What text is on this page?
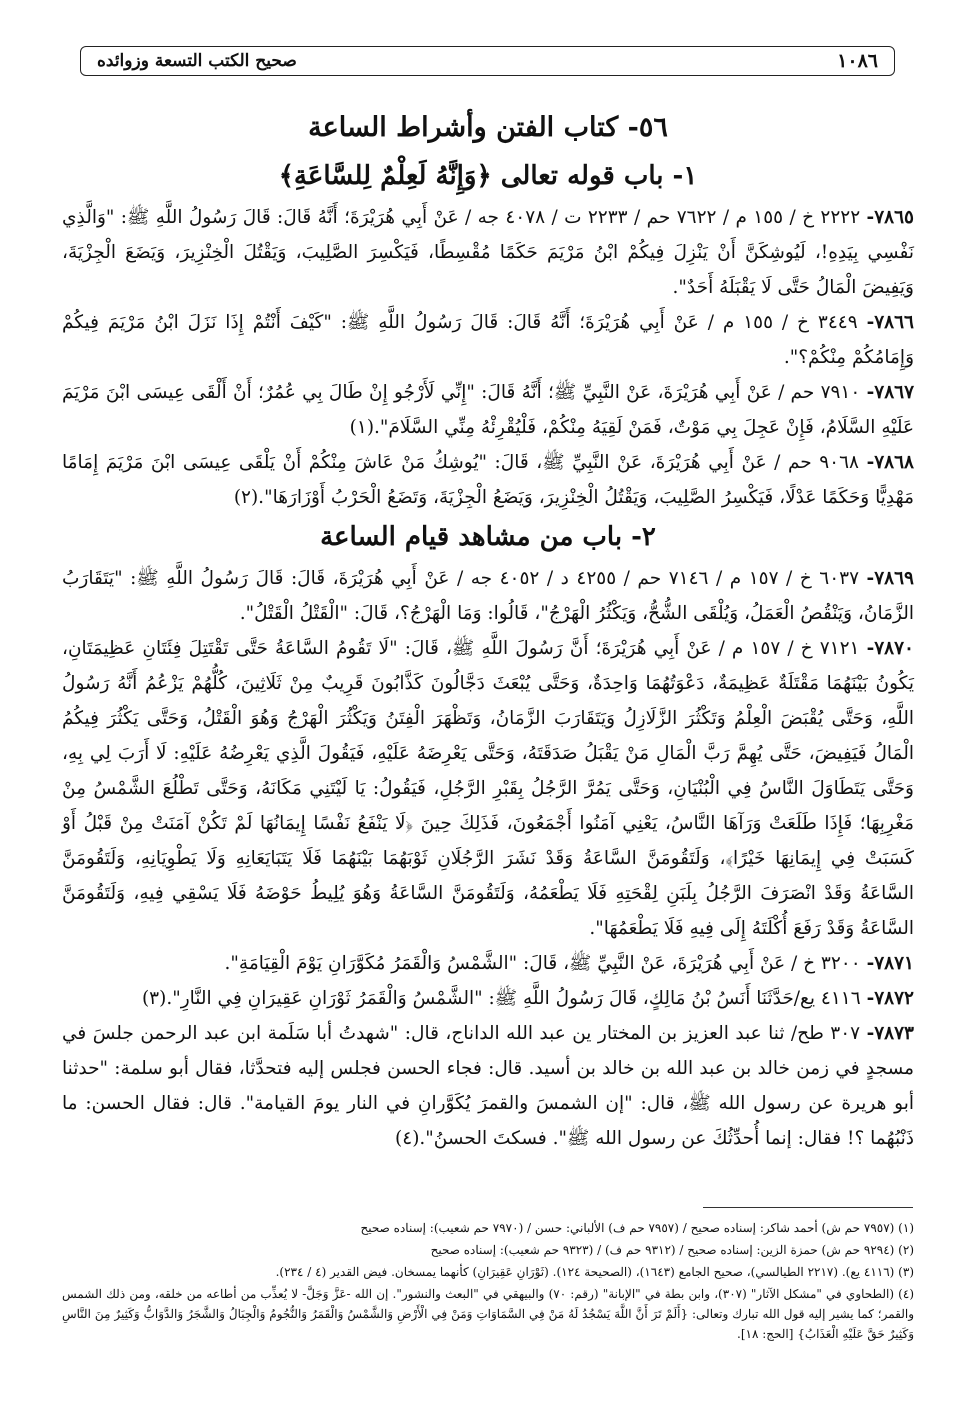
١٠٨٦
صحيح الكتب التسعة وزوائده
٥٦- كتاب الفتن وأشراط الساعة
١- باب قوله تعالى ﴿وَإِنَّهُ لَعِلْمٌ لِلسَّاعَةِ﴾

٧٨٦٥- ٢٢٢٢ خ / ١٥٥ م / ٧٦٢٢ حم / ٢٢٣٣ ت / ٤٠٧٨ جه / عَنْ أَبِي هُرَيْرَةَ؛ أَنَّهُ قَالَ: قَالَ رَسُولُ اللَّهِ ﷺ: "وَالَّذِي نَفْسِي بِيَدِهِ!، لَيُوشِكَنَّ أَنْ يَنْزِلَ فِيكُمْ ابْنُ مَرْيَمَ حَكَمًا مُقْسِطًا، فَيَكْسِرَ الصَّلِيبَ، وَيَقْتُلَ الْخِنْزِيرَ، وَيَضَعَ الْجِزْيَةَ، وَيَفِيضَ الْمَالُ حَتَّى لَا يَقْبَلَهُ أَحَدٌ".

٧٨٦٦- ٣٤٤٩ خ / ١٥٥ م / عَنْ أَبِي هُرَيْرَةَ؛ أَنَّهُ قَالَ: قَالَ رَسُولُ اللَّهِ ﷺ: "كَيْفَ أَنْتُمْ إِذَا نَزَلَ ابْنُ مَرْيَمَ فِيكُمْ وَإِمَامُكُمْ مِنْكُمْ؟".

٧٨٦٧- ٧٩١٠ حم / عَنْ أَبِي هُرَيْرَةَ، عَنْ النَّبِيِّ ﷺ؛ أَنَّهُ قَالَ: "إِنِّي لَأَرْجُو إِنْ طَالَ بِي عُمُرٌ؛ أَنْ أَلْقَى عِيسَى ابْنَ مَرْيَمَ عَلَيْهِ السَّلَامُ، فَإِنْ عَجِلَ بِي مَوْتٌ، فَمَنْ لَقِيَهُ مِنْكُمْ، فَلْيُقْرِئْهُ مِنِّي السَّلَامَ".(١)

٧٨٦٨- ٩٠٦٨ حم / عَنْ أَبِي هُرَيْرَةَ، عَنْ النَّبِيِّ ﷺ، قَالَ: "يُوشِكُ مَنْ عَاشَ مِنْكُمْ أَنْ يَلْقَى عِيسَى ابْنَ مَرْيَمَ إِمَامًا مَهْدِيًّا وَحَكَمًا عَدْلًا، فَيَكْسِرُ الصَّلِيبَ، وَيَقْتُلُ الْخِنْزِيرَ، وَيَضَعُ الْجِزْيَةَ، وَتَضَعُ الْحَرْبُ أَوْزَارَهَا".(٢)

٢- باب من مشاهد قيام الساعة

٧٨٦٩- ٦٠٣٧ خ / ١٥٧ م / ٧١٤٦ حم / ٤٢٥٥ د / ٤٠٥٢ جه / عَنْ أَبِي هُرَيْرَةَ، قَالَ: قَالَ رَسُولُ اللَّهِ ﷺ: "يَتَقَارَبُ الزَّمَانُ، وَيَنْقُصُ الْعَمَلُ، وَيُلْقَى الشُّحُّ، وَيَكْثُرُ الْهَرْجُ"، قَالُوا: وَمَا الْهَرْجُ؟، قَالَ: "الْقَتْلُ الْقَتْلُ".

٧٨٧٠- ٧١٢١ خ / ١٥٧ م / عَنْ أَبِي هُرَيْرَةَ؛ أَنَّ رَسُولَ اللَّهِ ﷺ، قَالَ: "لَا تَقُومُ السَّاعَةُ حَتَّى تَقْتَتِلَ فِئَتَانِ عَظِيمَتَانِ، يَكُونُ بَيْنَهُمَا مَقْتَلَةٌ عَظِيمَةٌ، دَعْوَتُهُمَا وَاحِدَةٌ، وَحَتَّى يُبْعَثَ دَجَّالُونَ كَذَّابُونَ قَرِيبٌ مِنْ ثَلَاثِينَ، كُلُّهُمْ يَزْعُمُ أَنَّهُ رَسُولُ اللَّهِ، وَحَتَّى يُقْبَضَ الْعِلْمُ وَتَكْثُرَ الزَّلَازِلُ وَيَتَقَارَبَ الزَّمَانُ، وَتَظْهَرَ الْفِتَنُ وَيَكْثُرَ الْهَرْجُ وَهُوَ الْقَتْلُ، وَحَتَّى يَكْثُرَ فِيكُمُ الْمَالُ فَيَفِيضَ، حَتَّى يُهِمَّ رَبَّ الْمَالِ مَنْ يَقْبَلُ صَدَقَتَهُ، وَحَتَّى يَعْرِضَهُ عَلَيْهِ، فَيَقُولَ الَّذِي يَعْرِضُهُ عَلَيْهِ: لَا أَرَبَ لِي بِهِ، وَحَتَّى يَتَطَاوَلَ النَّاسُ فِي الْبُنْيَانِ، وَحَتَّى يَمُرَّ الرَّجُلُ بِقَبْرِ الرَّجُلِ، فَيَقُولُ: يَا لَيْتَنِي مَكَانَهُ، وَحَتَّى تَطْلُعَ الشَّمْسُ مِنْ مَغْرِبِهَا؛ فَإِذَا طَلَعَتْ وَرَآهَا النَّاسُ، يَعْنِي آمَنُوا أَجْمَعُونَ، فَذَلِكَ حِينَ ﴿لَا يَنْفَعُ نَفْسًا إِيمَانُهَا لَمْ تَكُنْ آمَنَتْ مِنْ قَبْلُ أَوْ كَسَبَتْ فِي إِيمَانِهَا خَيْرًا﴾، وَلَتَقُومَنَّ السَّاعَةُ وَقَدْ نَشَرَ الرَّجُلَانِ ثَوْبَهُمَا بَيْنَهُمَا فَلَا يَتَبَايَعَانِهِ وَلَا يَطْوِيَانِهِ، وَلَتَقُومَنَّ السَّاعَةُ وَقَدْ انْصَرَفَ الرَّجُلُ بِلَبَنِ لِقْحَتِهِ فَلَا يَطْعَمُهُ، وَلَتَقُومَنَّ السَّاعَةُ وَهُوَ يُلِيطُ حَوْضَهُ فَلَا يَسْقِي فِيهِ، وَلَتَقُومَنَّ السَّاعَةُ وَقَدْ رَفَعَ أُكْلَتَهُ إِلَى فِيهِ فَلَا يَطْعَمُهَا".

٧٨٧١- ٣٢٠٠ خ / عَنْ أَبِي هُرَيْرَةَ، عَنْ النَّبِيِّ ﷺ، قَالَ: "الشَّمْسُ وَالْقَمَرُ مُكَوَّرَانِ يَوْمَ الْقِيَامَةِ".

٧٨٧٢- ٤١١٦ يع/حَدَّثَنَا أَنَسُ بْنُ مَالِكٍ، قَالَ رَسُولُ اللَّهِ ﷺ: "الشَّمْسُ وَالْقَمَرُ ثَوْرَانِ عَقِيرَانِ فِي النَّارِ".(٣)

٧٨٧٣- ٣٠٧ طح/ ثنا عبد العزيز بن المختار ين عبد الله الداناج، قال: "شهدتُ أبا سَلَمة ابن عبد الرحمن جلسَ في مسجدٍ في زمن خالد بن عبد الله بن خالد بن أسيد. قال: فجاء الحسن فجلس إليه فتحدَّثا، فقال أبو سلمة: "حدثنا أبو هريرة عن رسول الله ﷺ، قال: "إن الشمسَ والقمرَ يُكَوَّرانِ في النار يومَ القيامة". قال: فقال الحسن: ما ذَنْبُهُما ؟! فقال: إنما أُحدِّثُكَ عن رسول الله ﷺ". فسكتَ الحسنُ".(٤)

(١) (٧٩٥٧ حم ش) أحمد شاكر: إسناده صحيح / (٧٩٥٧ حم ف) الألباني: حسن / (٧٩٧٠ حم شعيب): إسناده صحيح

(٢) (٩٢٩٤ حم ش) حمزة الزين: إسناده صحيح / (٩٣١٢ حم ف) / (٩٣٢٣ حم شعيب): إسناده صحيح

(٣) (٤١١٦ يع). (٢٢١٧ الطيالسي)، صحيح الجامع (١٦٤٣)، (الصحيحة ١٢٤). (ثَوْرَانِ عَقِيرَانِ) كأنهما يمسخان. فيض القدير (٤ / ٢٣٤).

(٤) (الطحاوي في "مشكل الآثار" (٣٠٧)، وابن بطة في "الإبانة" (رقم: ٧٠) والبيهقي في "البعث والنشور". إن الله -عَزَّ وَجَلَّ- لا يُعذِّب من أطاعه من خلقه، ومن ذلك الشمس والقمر؛ كما يشير إليه قول الله تبارك وتعالى: {أَلَمْ تَرَ أَنَّ اللَّهَ يَسْجُدُ لَهُ مَنْ فِي السَّمَاوَاتِ وَمَنْ فِي الْأَرْضِ وَالشَّمْسُ وَالْقَمَرُ وَالنُّجُومُ وَالْجِبَالُ وَالشَّجَرُ وَالدَّوَابُّ وَكَثِيرٌ مِنَ النَّاسِ وَكَثِيرٌ حَقَّ عَلَيْهِ الْعَذَابُ} [الحج: ١٨].
